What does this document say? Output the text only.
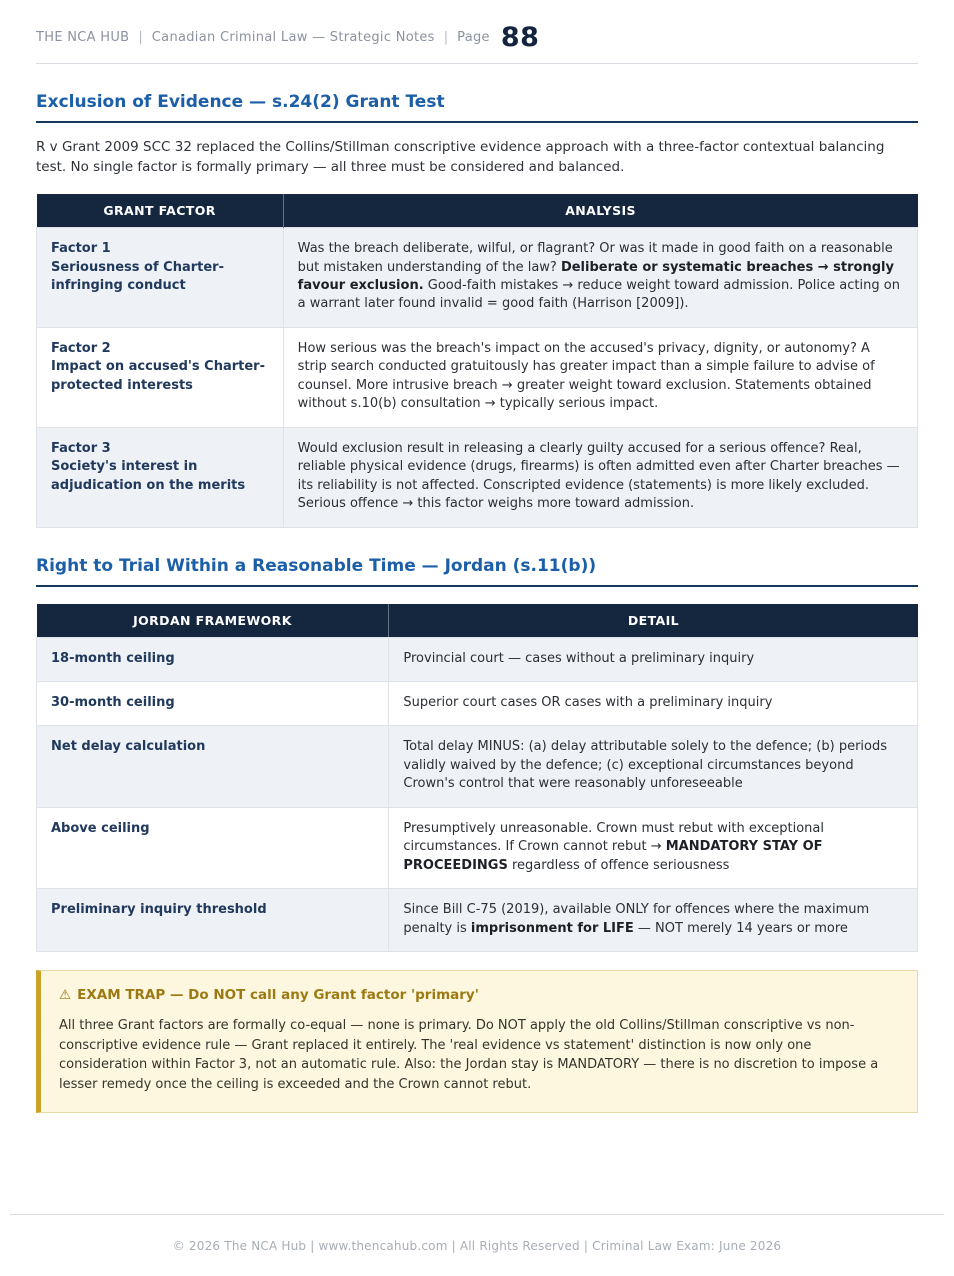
THE NCA HUB | Canadian Criminal Law — Strategic Notes | Page 88
Exclusion of Evidence — s.24(2) Grant Test

R v Grant 2009 SCC 32 replaced the Collins/Stillman conscriptive evidence approach with a three-factor contextual balancing test. No single factor is formally primary — all three must be considered and balanced.

GRANT FACTOR	ANALYSIS

Factor 1
Seriousness of Charter-infringing conduct	Was the breach deliberate, wilful, or flagrant? Or was it made in good faith on a reasonable but mistaken understanding of the law? Deliberate or systematic breaches → strongly favour exclusion. Good-faith mistakes → reduce weight toward admission. Police acting on a warrant later found invalid = good faith (Harrison [2009]).

Factor 2
Impact on accused's Charter-protected interests	How serious was the breach's impact on the accused's privacy, dignity, or autonomy? A strip search conducted gratuitously has greater impact than a simple failure to advise of counsel. More intrusive breach → greater weight toward exclusion. Statements obtained without s.10(b) consultation → typically serious impact.

Factor 3
Society's interest in adjudication on the merits	Would exclusion result in releasing a clearly guilty accused for a serious offence? Real, reliable physical evidence (drugs, firearms) is often admitted even after Charter breaches — its reliability is not affected. Conscripted evidence (statements) is more likely excluded. Serious offence → this factor weighs more toward admission.
Right to Trial Within a Reasonable Time — Jordan (s.11(b))
JORDAN FRAMEWORK	DETAIL

18-month ceiling	Provincial court — cases without a preliminary inquiry

30-month ceiling	Superior court cases OR cases with a preliminary inquiry

Net delay calculation	Total delay MINUS: (a) delay attributable solely to the defence; (b) periods validly waived by the defence; (c) exceptional circumstances beyond Crown's control that were reasonably unforeseeable

Above ceiling	Presumptively unreasonable. Crown must rebut with exceptional circumstances. If Crown cannot rebut → MANDATORY STAY OF PROCEEDINGS regardless of offence seriousness

Preliminary inquiry threshold	Since Bill C-75 (2019), available ONLY for offences where the maximum penalty is imprisonment for LIFE — NOT merely 14 years or more
⚠ EXAM TRAP — Do NOT call any Grant factor 'primary'

All three Grant factors are formally co-equal — none is primary. Do NOT apply the old Collins/Stillman conscriptive vs non-conscriptive evidence rule — Grant replaced it entirely. The 'real evidence vs statement' distinction is now only one consideration within Factor 3, not an automatic rule. Also: the Jordan stay is MANDATORY — there is no discretion to impose a lesser remedy once the ceiling is exceeded and the Crown cannot rebut.

© 2026 The NCA Hub | www.thencahub.com | All Rights Reserved | Criminal Law Exam: June 2026
